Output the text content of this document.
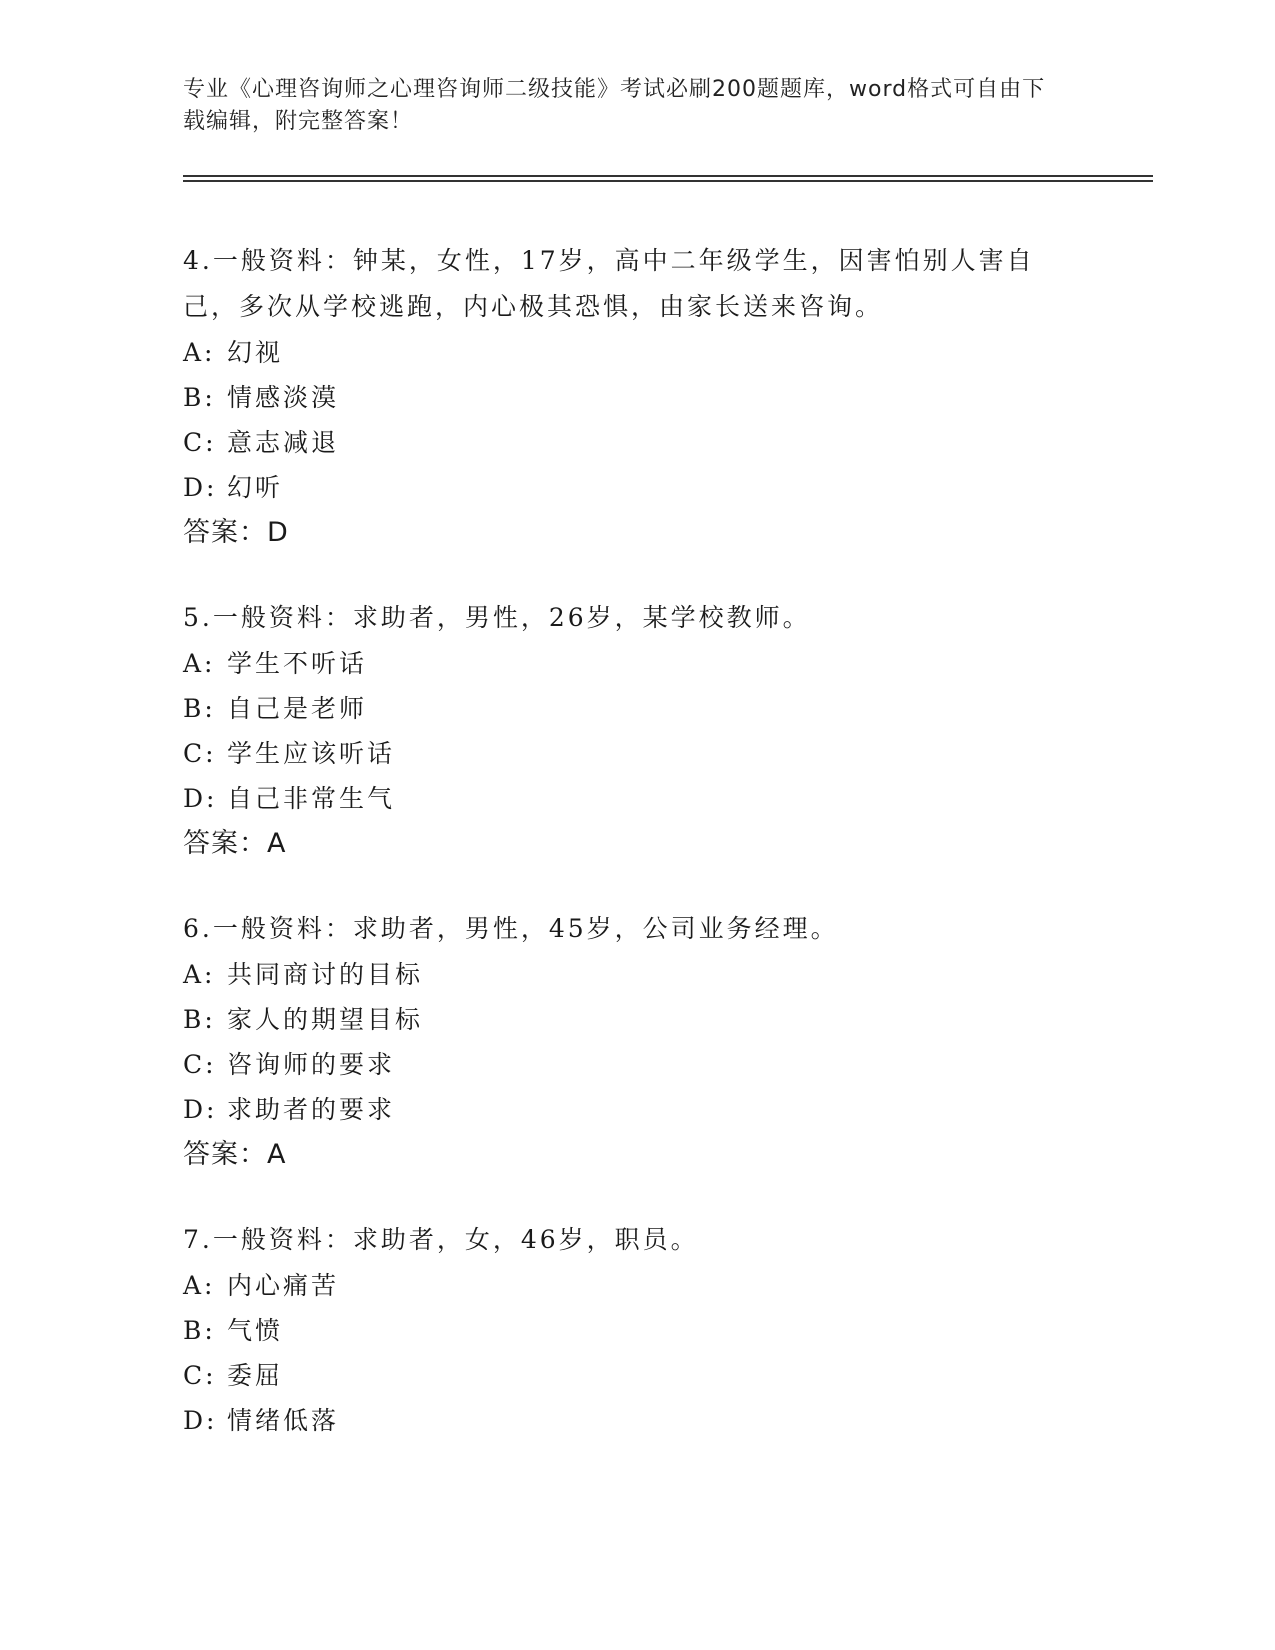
专业《心理咨询师之心理咨询师二级技能》考试必刷200题题库，word格式可自由下载编辑，附完整答案！
4.一般资料：钟某，女性，17岁，高中二年级学生，因害怕别人害自己，多次从学校逃跑，内心极其恐惧，由家长送来咨询。
A: 幻视
B: 情感淡漠
C: 意志减退
D: 幻听
答案：D
5.一般资料：求助者，男性，26岁，某学校教师。
A: 学生不听话
B: 自己是老师
C: 学生应该听话
D: 自己非常生气
答案：A
6.一般资料：求助者，男性，45岁，公司业务经理。
A: 共同商讨的目标
B: 家人的期望目标
C: 咨询师的要求
D: 求助者的要求
答案：A
7.一般资料：求助者，女，46岁，职员。
A: 内心痛苦
B: 气愤
C: 委屈
D: 情绪低落
